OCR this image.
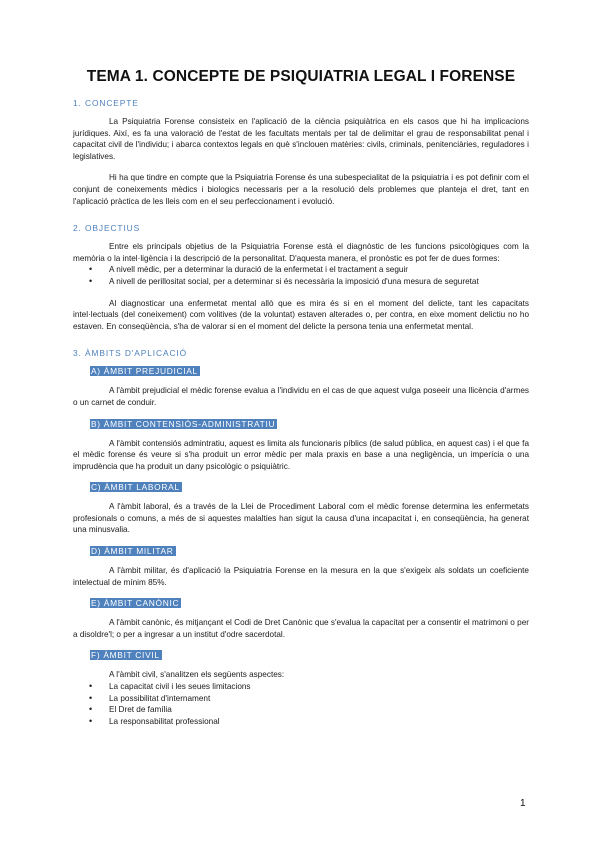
TEMA 1. CONCEPTE DE PSIQUIATRIA LEGAL I FORENSE
1. CONCEPTE

La Psiquiatria Forense consisteix en l'aplicació de la ciència psiquiàtrica en els casos que hi ha implicacions jurídiques. Així, es fa una valoració de l'estat de les facultats mentals per tal de delimitar el grau de responsabilitat penal i capacitat civil de l'individu; i abarca contextos legals en què s'inclouen matèries: civils, criminals, penitenciàries, reguladores i legislatives.

Hi ha que tindre en compte que la Psiquiatria Forense és una subespecialitat de la psiquiatria i es pot definir com el conjunt de coneixements mèdics i biologics necessaris per a la resolució dels problemes que planteja el dret, tant en l'aplicació pràctica de les lleis com en el seu perfeccionament i evolució.

2. OBJECTIUS

Entre els principals objetius de la Psiquiatria Forense està el diagnòstic de les funcions psicològiques com la memòria o la intel·ligència i la descripció de la personalitat. D'aquesta manera, el pronòstic es pot fer de dues formes:

• A nivell mèdic, per a determinar la duració de la enfermetat i el tractament a seguir
• A nivell de perillositat social, per a determinar si és necessària la imposició d'una mesura de seguretat

Al diagnosticar una enfermetat mental allò que es mira és si en el moment del delicte, tant les capacitats intel·lectuals (del coneixement) com volitives (de la voluntat) estaven alterades o, per contra, en eixe moment delictiu no ho estaven. En conseqüència, s'ha de valorar si en el moment del delicte la persona tenia una enfermetat mental.

3. ÀMBITS D'APLICACIÓ
A) ÀMBIT PREJUDICIAL

A l'àmbit prejudicial el mèdic forense evalua a l'individu en el cas de que aquest vulga poseeir una llicència d'armes o un carnet de conduir.

B) ÀMBIT CONTENSIÓS-ADMINISTRATIU

A l'àmbit contensiós admintratiu, aquest es limita als funcionaris píblics (de salud pública, en aquest cas) i el que fa el mèdic forense és veure si s'ha produit un error mèdic per mala praxis en base a una negligència, un imperícia o una imprudència que ha produit un dany psicològic o psiquiàtric.

C) ÀMBIT LABORAL

A l'àmbit laboral, és a través de la Llei de Procediment Laboral com el mèdic forense determina les enfermetats profesionals o comuns, a més de si aquestes malalties han sigut la causa d'una incapacitat i, en conseqüència, ha generat una minusvalia.

D) ÀMBIT MILITAR

A l'àmbit militar, és d'aplicació la Psiquiatria Forense en la mesura en la que s'exigeix als soldats un coeficiente intelectual de mínim 85%.

E) ÀMBIT CANÒNIC

A l'àmbit canònic, és mitjançant el Codi de Dret Canònic que s'evalua la capacitat per a consentir el matrimoni o per a disoldre'l; o per a ingresar a un institut d'odre sacerdotal.

F) ÀMBIT CIVIL

A l'àmbit civil, s'analitzen els següents aspectes:

• La capacitat civil i les seues limitacions
• La possibilitat d'internament
• El Dret de família
• La responsabilitat professional
1
